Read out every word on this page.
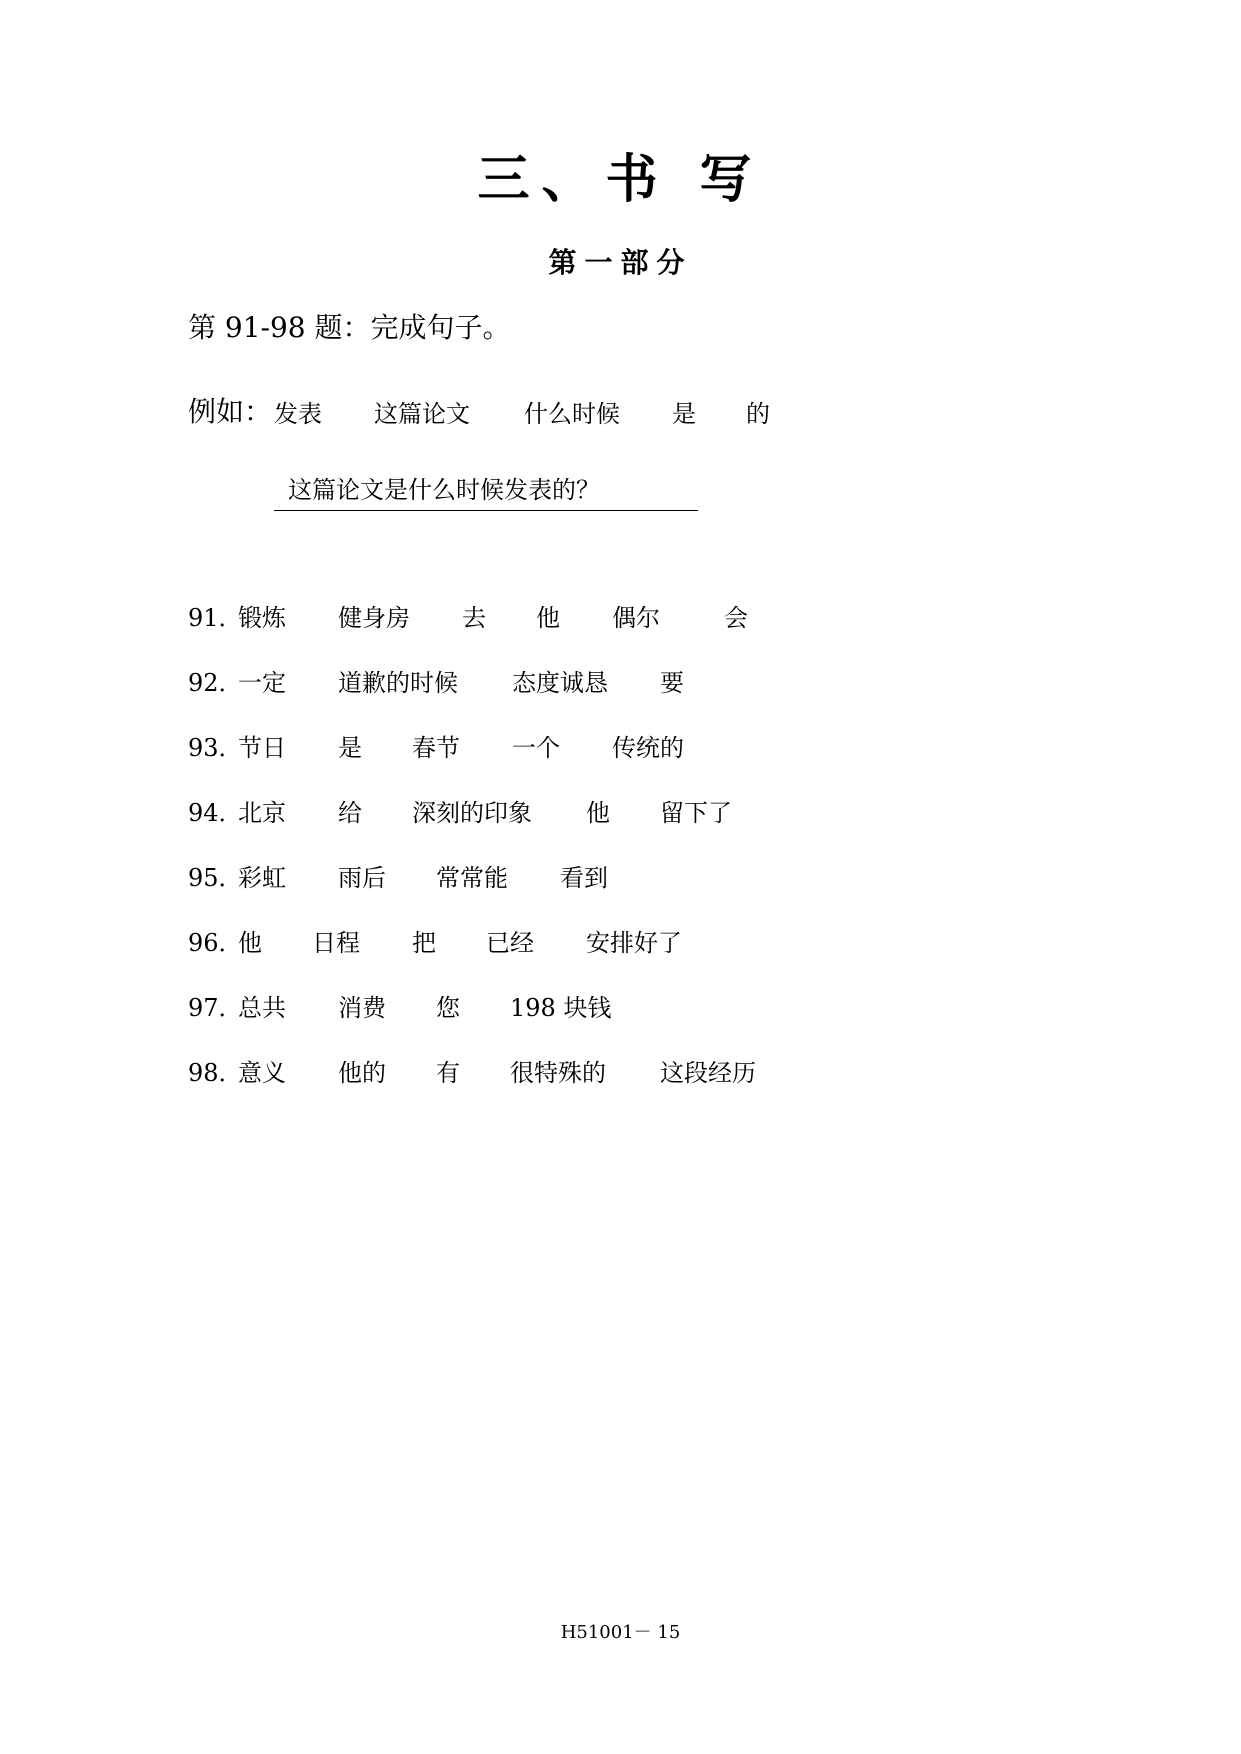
三、书 写
第一部分
第 91-98 题：完成句子。
例如： 发表 这篇论文 什么时候 是 的
这篇论文是什么时候发表的？
91．
锻炼 健身房 去 他 偶尔	会
92．
一定 道歉的时候 态度诚恳 要
93．
节日 是 春节 一个 传统的
94．
北京 给 深刻的印象 他 留下了
95．
彩虹 雨后 常常能 看到
96．
他 日程 把 已经 安排好了
97．
总共 消费 您 198 块钱
98．
意义 他的 有 很特殊的 这段经历
H51001－ 15
